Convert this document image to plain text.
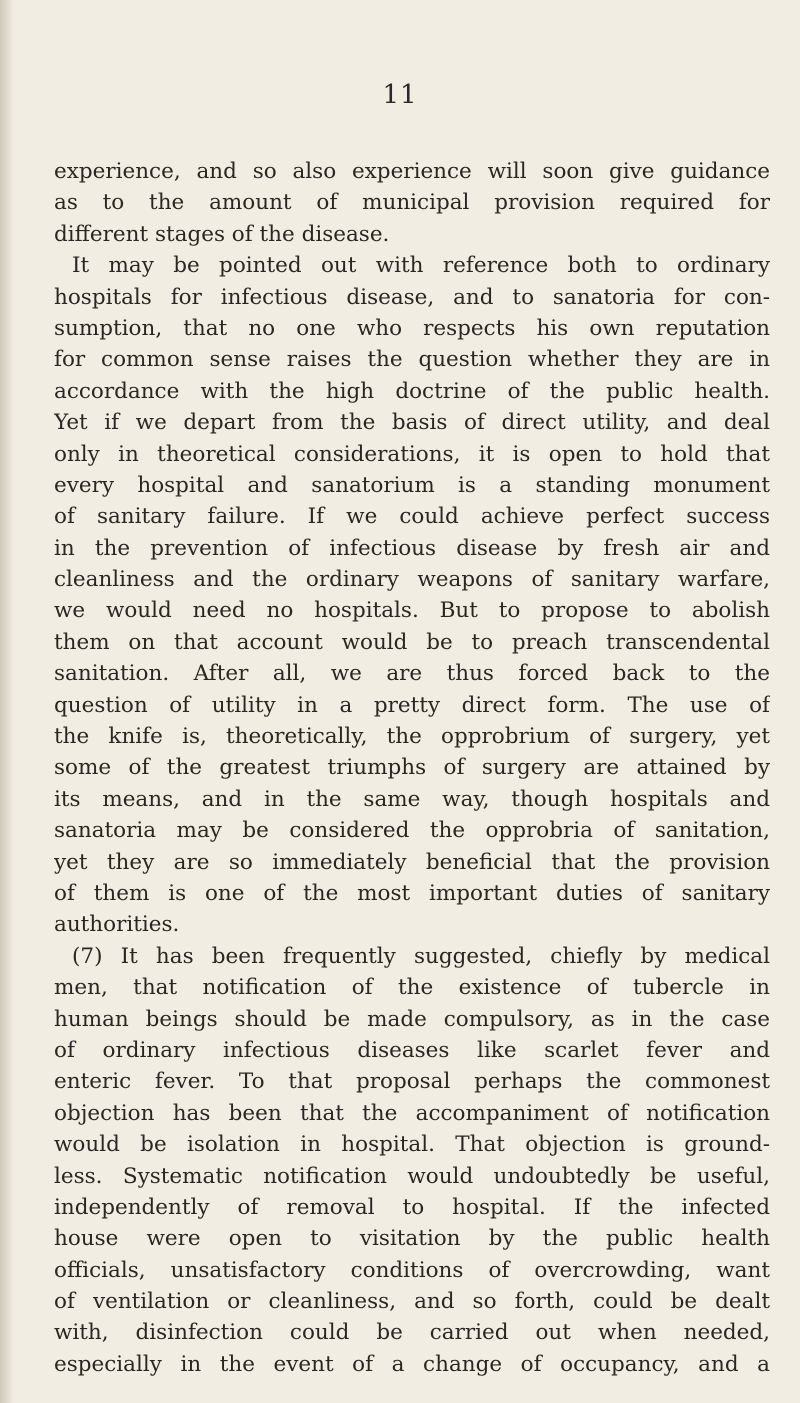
11
experience, and so also experience will soon give guidance
as to the amount of municipal provision required for
different stages of the disease.
It may be pointed out with reference both to ordinary
hospitals for infectious disease, and to sanatoria for con-
sumption, that no one who respects his own reputation
for common sense raises the question whether they are in
accordance with the high doctrine of the public health.
Yet if we depart from the basis of direct utility, and deal
only in theoretical considerations, it is open to hold that
every hospital and sanatorium is a standing monument
of sanitary failure. If we could achieve perfect success
in the prevention of infectious disease by fresh air and
cleanliness and the ordinary weapons of sanitary warfare,
we would need no hospitals. But to propose to abolish
them on that account would be to preach transcendental
sanitation. After all, we are thus forced back to the
question of utility in a pretty direct form. The use of
the knife is, theoretically, the opprobrium of surgery, yet
some of the greatest triumphs of surgery are attained by
its means, and in the same way, though hospitals and
sanatoria may be considered the opprobria of sanitation,
yet they are so immediately beneficial that the provision
of them is one of the most important duties of sanitary
authorities.
(7) It has been frequently suggested, chiefly by medical
men, that notification of the existence of tubercle in
human beings should be made compulsory, as in the case
of ordinary infectious diseases like scarlet fever and
enteric fever. To that proposal perhaps the commonest
objection has been that the accompaniment of notification
would be isolation in hospital. That objection is ground-
less. Systematic notification would undoubtedly be useful,
independently of removal to hospital. If the infected
house were open to visitation by the public health
officials, unsatisfactory conditions of overcrowding, want
of ventilation or cleanliness, and so forth, could be dealt
with, disinfection could be carried out when needed,
especially in the event of a change of occupancy, and a
